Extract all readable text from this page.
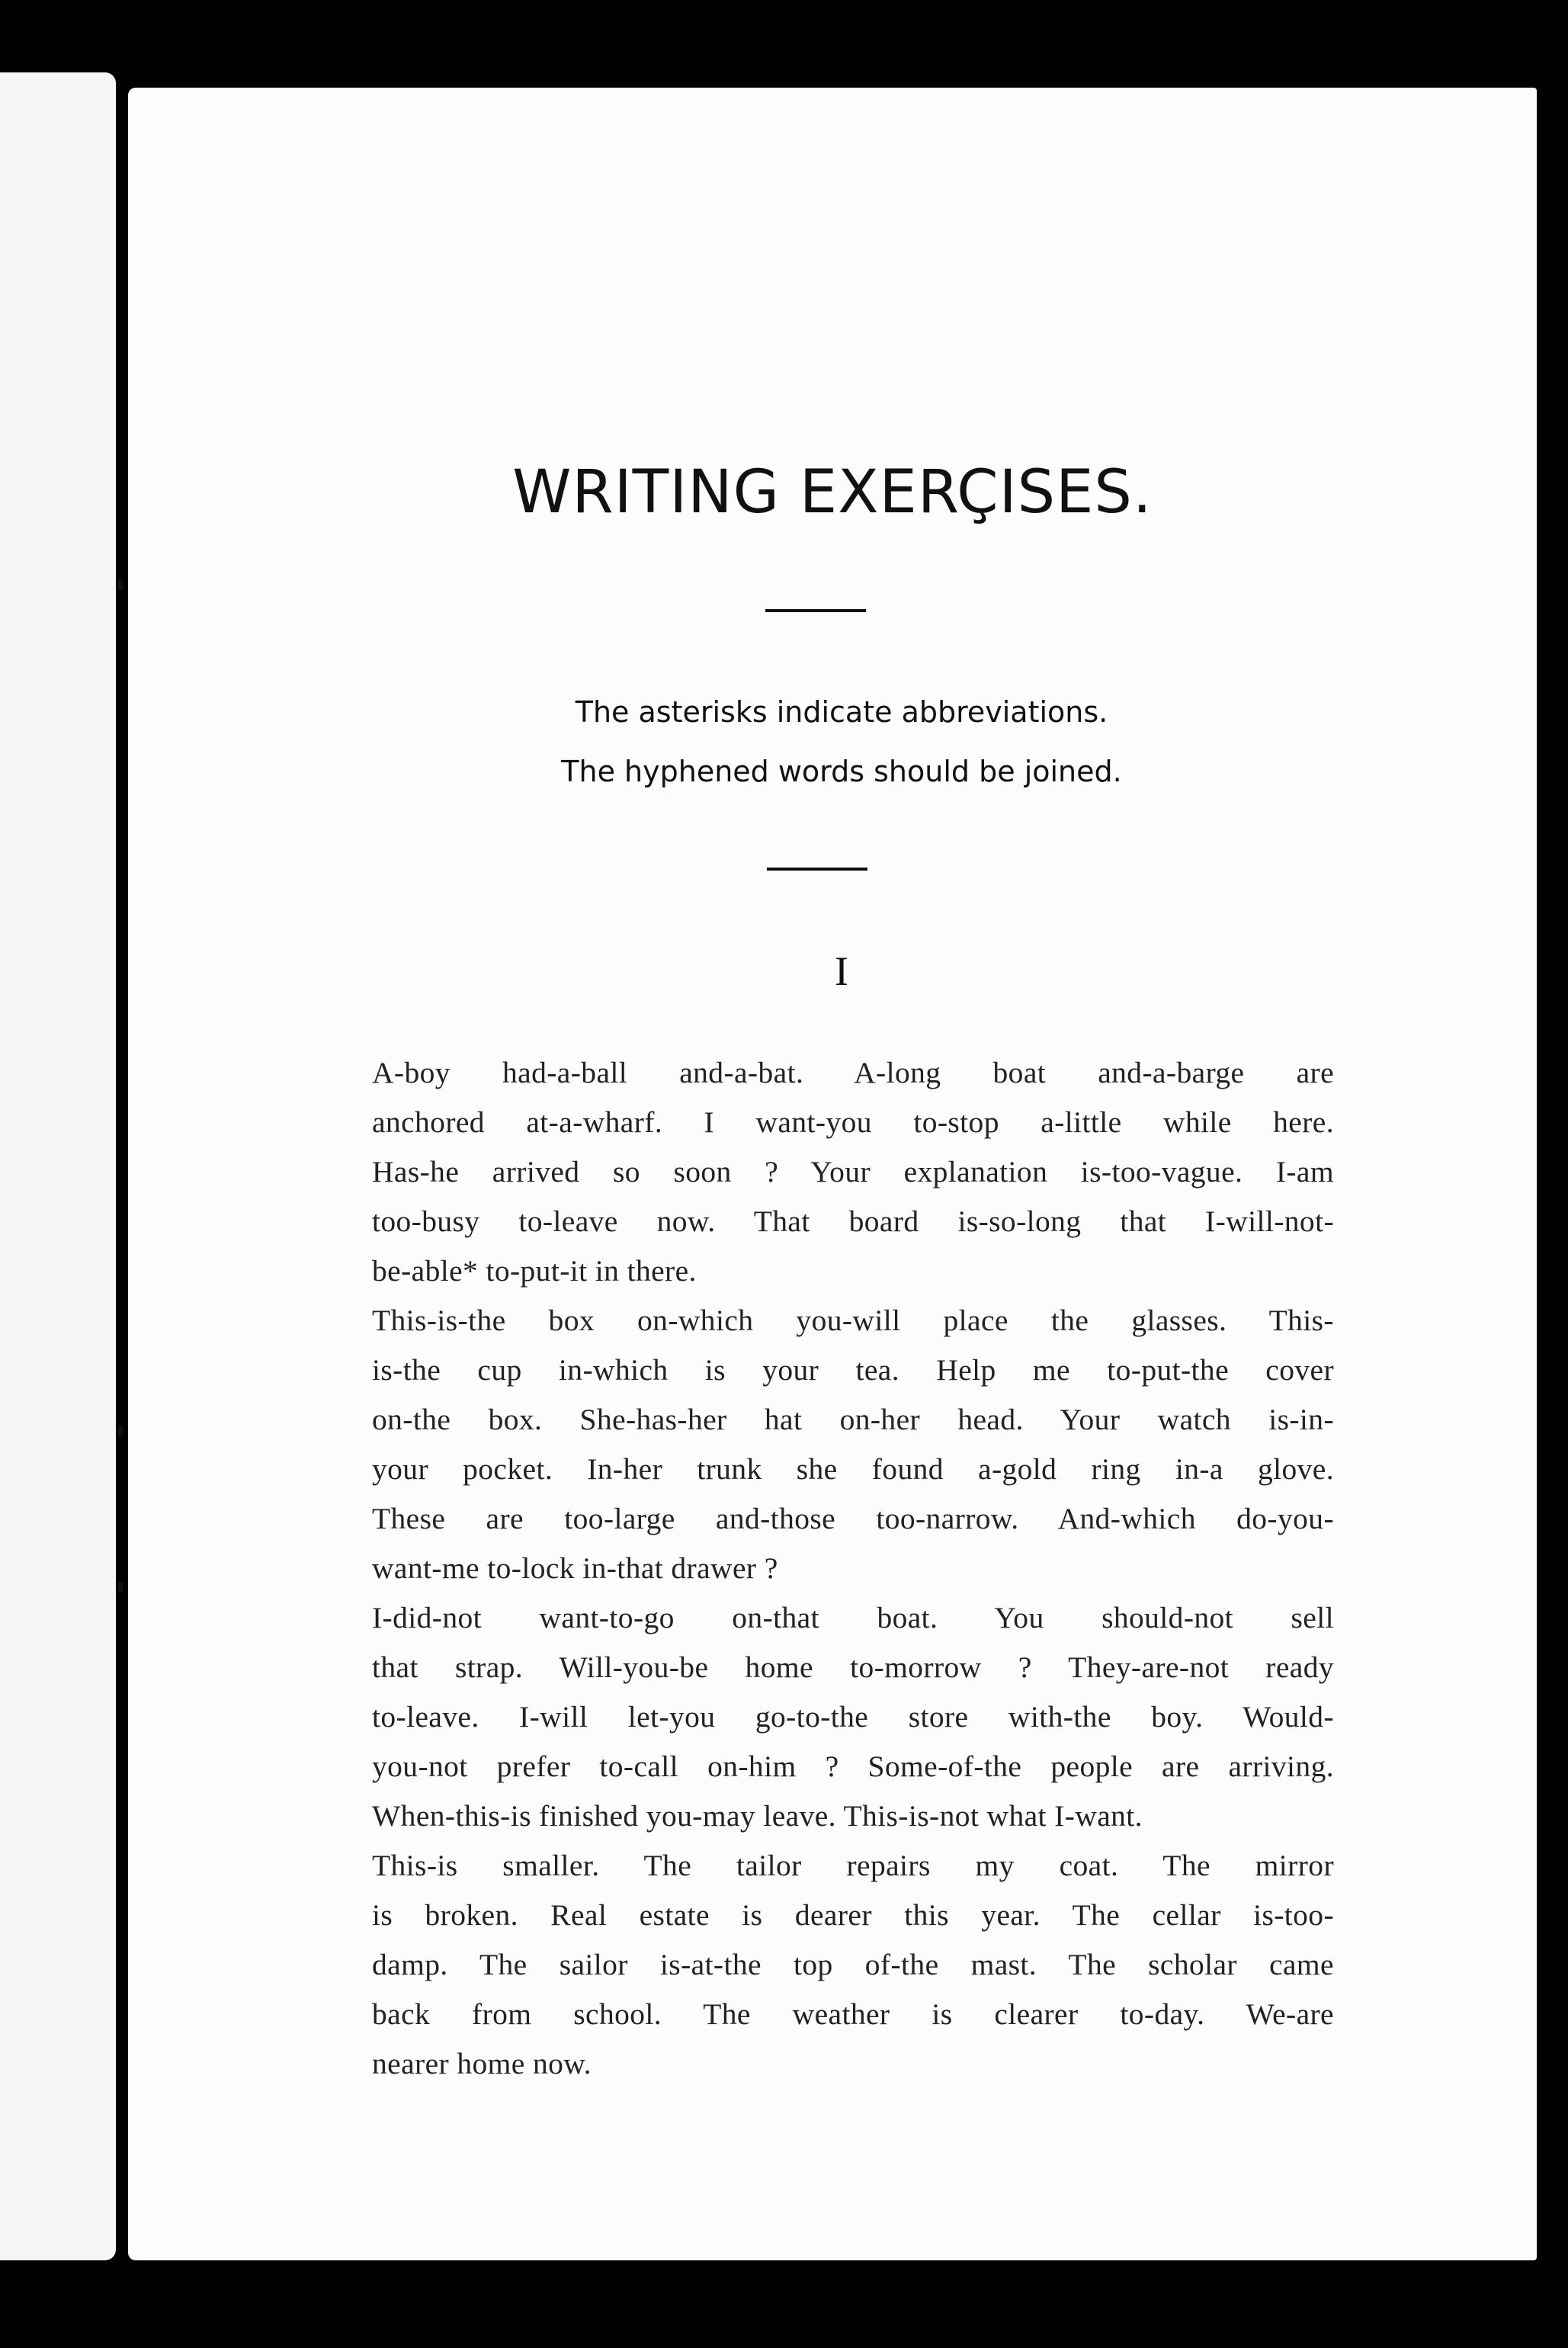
WRITING EXERÇISES.
The asterisks indicate abbreviations.
The hyphened words should be joined.
I

A-boy had-a-ball and-a-bat. A-long boat and-a-barge are
anchored at-a-wharf. I want-you to-stop a-little while here.
Has-he arrived so soon ? Your explanation is-too-vague. I-am
too-busy to-leave now. That board is-so-long that I-will-not-
be-able* to-put-it in there.

This-is-the box on-which you-will place the glasses. This-
is-the cup in-which is your tea. Help me to-put-the cover
on-the box. She-has-her hat on-her head. Your watch is-in-
your pocket. In-her trunk she found a-gold ring in-a glove.
These are too-large and-those too-narrow. And-which do-you-
want-me to-lock in-that drawer ?

I-did-not want-to-go on-that boat. You should-not sell
that strap. Will-you-be home to-morrow ? They-are-not ready
to-leave. I-will let-you go-to-the store with-the boy. Would-
you-not prefer to-call on-him ? Some-of-the people are arriving.
When-this-is finished you-may leave. This-is-not what I-want.

This-is smaller. The tailor repairs my coat. The mirror
is broken. Real estate is dearer this year. The cellar is-too-
damp. The sailor is-at-the top of-the mast. The scholar came
back from school. The weather is clearer to-day. We-are
nearer home now.
